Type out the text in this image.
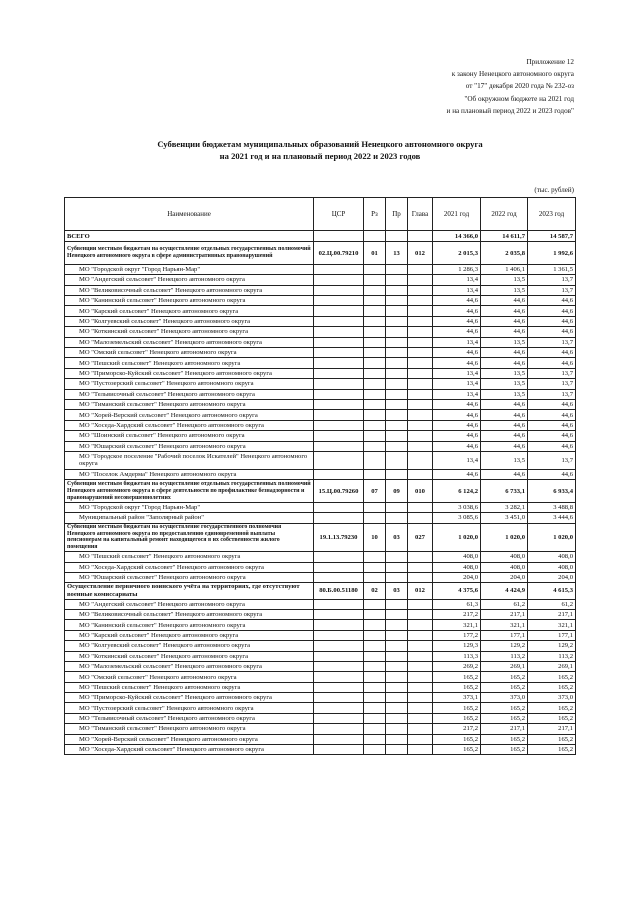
Приложение 12
к закону Ненецкого автономного округа
от "17" декабря 2020 года № 232-оз
"Об окружном бюджете на 2021 год
и на плановый период 2022 и 2023 годов"
Субвенции бюджетам муниципальных образований Ненецкого автономного округа
на 2021 год и на плановый период 2022 и 2023 годов
(тыс. рублей)
Наименование	ЦСР	Рз	Пр	Глава	2021 год	2022 год	2023 год
ВСЕГО					14 366,0	14 611,7	14 587,7
Субвенции местным бюджетам на осуществление отдельных государственных полномочий Ненецкого автономного округа в сфере административных правонарушений	02.Ц.00.79210	01	13	012	2 015,3	2 035,8	1 992,6
МО "Городской округ "Город Нарьян-Мар"					1 286,3	1 406,1	1 361,5
МО "Андегский сельсовет" Ненецкого автономного округа					13,4	13,5	13,7
МО "Великовисочный сельсовет" Ненецкого автономного округа					13,4	13,5	13,7
МО "Канинский сельсовет" Ненецкого автономного округа					44,6	44,6	44,6
МО "Карский сельсовет" Ненецкого автономного округа					44,6	44,6	44,6
МО "Колгуевский сельсовет" Ненецкого автономного округа					44,6	44,6	44,6
МО "Коткинский сельсовет" Ненецкого автономного округа					44,6	44,6	44,6
МО "Малоземельский сельсовет" Ненецкого автономного округа					13,4	13,5	13,7
МО "Омский сельсовет" Ненецкого автономного округа					44,6	44,6	44,6
МО "Пешский сельсовет" Ненецкого автономного округа					44,6	44,6	44,6
МО "Приморско-Куйский сельсовет" Ненецкого автономного округа					13,4	13,5	13,7
МО "Пустозерский сельсовет" Ненецкого автономного округа					13,4	13,5	13,7
МО "Тельвисочный сельсовет" Ненецкого автономного округа					13,4	13,5	13,7
МО "Тиманский сельсовет" Ненецкого автономного округа					44,6	44,6	44,6
МО "Хорей-Верский сельсовет" Ненецкого автономного округа					44,6	44,6	44,6
МО "Хоседа-Хардский сельсовет" Ненецкого автономного округа					44,6	44,6	44,6
МО "Шоинский сельсовет" Ненецкого автономного округа					44,6	44,6	44,6
МО "Юшарский сельсовет" Ненецкого автономного округа					44,6	44,6	44,6
МО "Городское поселение "Рабочий поселок Искателей" Ненецкого автономного округа					13,4	13,5	13,7
МО "Поселок Амдерма" Ненецкого автономного округа					44,6	44,6	44,6
Субвенции местным бюджетам на осуществление отдельных государственных полномочий Ненецкого автономного округа в сфере деятельности по профилактике безнадзорности и правонарушений несовершеннолетних	15.Ц.00.79260	07	09	010	6 124,2	6 733,1	6 933,4
МО "Городской округ "Город Нарьян-Мар"					3 038,6	3 282,1	3 488,8
Муниципальный район "Заполярный район"					3 085,6	3 451,0	3 444,6
Субвенции местным бюджетам на осуществление государственного полномочия Ненецкого автономного округа по предоставлению единовременной выплаты пенсионерам на капитальный ремонт находящегося в их собственности жилого помещения	19.1.13.79230	10	03	027	1 020,0	1 020,0	1 020,0
МО "Пешский сельсовет" Ненецкого автономного округа					408,0	408,0	408,0
МО "Хоседа-Хардский сельсовет" Ненецкого автономного округа					408,0	408,0	408,0
МО "Юшарский сельсовет" Ненецкого автономного округа					204,0	204,0	204,0
Осуществление первичного воинского учёта на территориях, где отсутствуют военные комиссариаты	80.Б.00.51180	02	03	012	4 375,6	4 424,9	4 615,3
МО "Андегский сельсовет" Ненецкого автономного округа					61,3	61,2	61,2
МО "Великовисочный сельсовет" Ненецкого автономного округа					217,2	217,1	217,1
МО "Канинский сельсовет" Ненецкого автономного округа					321,1	321,1	321,1
МО "Карский сельсовет" Ненецкого автономного округа					177,2	177,1	177,1
МО "Колгуевский сельсовет" Ненецкого автономного округа					129,3	129,2	129,2
МО "Коткинский сельсовет" Ненецкого автономного округа					113,3	113,2	113,2
МО "Малоземельский сельсовет" Ненецкого автономного округа					269,2	269,1	269,1
МО "Омский сельсовет" Ненецкого автономного округа					165,2	165,2	165,2
МО "Пешский сельсовет" Ненецкого автономного округа					165,2	165,2	165,2
МО "Приморско-Куйский сельсовет" Ненецкого автономного округа					373,1	373,0	373,0
МО "Пустозерский сельсовет" Ненецкого автономного округа					165,2	165,2	165,2
МО "Тельвисочный сельсовет" Ненецкого автономного округа					165,2	165,2	165,2
МО "Тиманский сельсовет" Ненецкого автономного округа					217,2	217,1	217,1
МО "Хорей-Верский сельсовет" Ненецкого автономного округа					165,2	165,2	165,2
МО "Хоседа-Хардский сельсовет" Ненецкого автономного округа					165,2	165,2	165,2
